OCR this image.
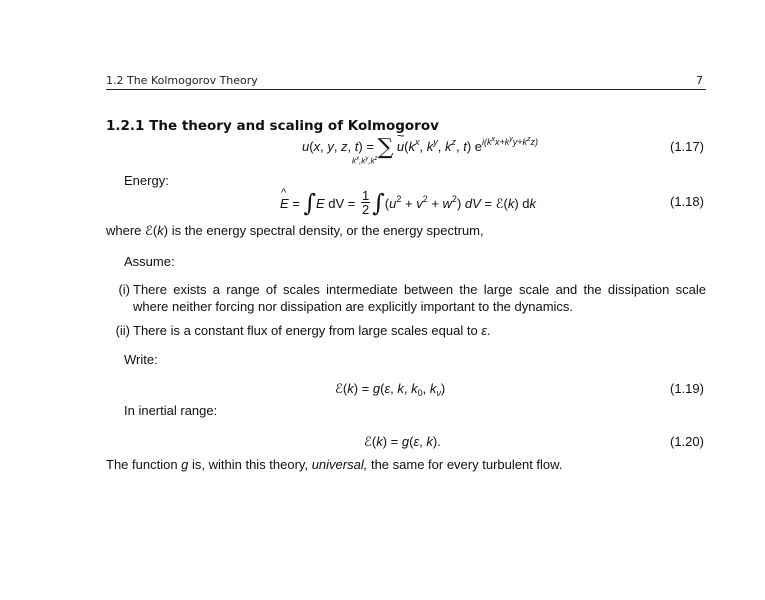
1.2 The Kolmogorov Theory	7
1.2.1 The theory and scaling of Kolmogorov
u(x, y, z, t) = ∑ ~ $u(k^x$, $k^y$, $k^z$, t) $e^{i(k^xx+k^yy+k^zz)}$
$k^x,k^y,k^z$
(1.17)
Energy:
^ E = ∫E dV = $\frac{1}{2} \int(u^2 + v^2 + w^2)$ dV = ℰ(k) dk	(1.18)
where ℰ(k) is the energy spectral density, or the energy spectrum,
Assume:
(i) There exists a range of scales intermediate between the large scale and the dissipation scale where neither forcing nor dissipation are explicitly important to the dynamics.
(ii) There is a constant flux of energy from large scales equal to ε.
Write:
ℰ(k) = g(ε, k, $k_0$, $k_\nu$)	(1.19)
In inertial range:
ℰ(k) = g(ε, k).	(1.20)
The function g is, within this theory, universal, the same for every turbulent flow.
